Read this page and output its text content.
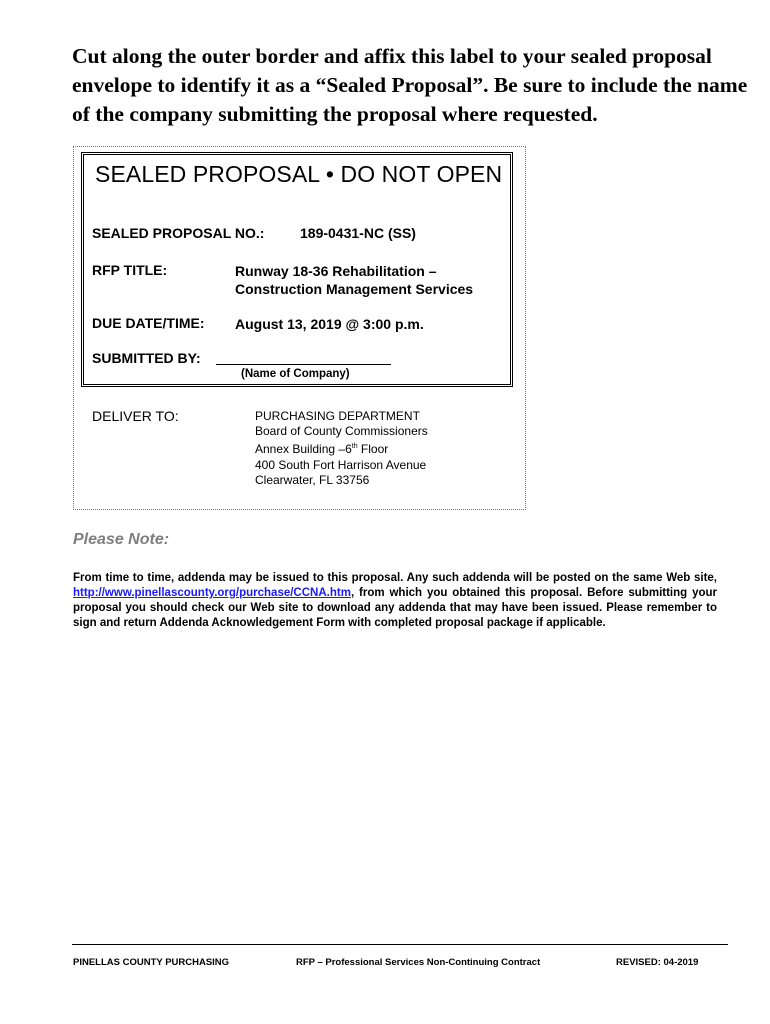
Cut along the outer border and affix this label to your sealed proposal envelope to identify it as a “Sealed Proposal”. Be sure to include the name of the company submitting the proposal where requested.
SEALED PROPOSAL • DO NOT OPEN
SEALED PROPOSAL NO.:	189-0431-NC (SS)
RFP TITLE:	Runway 18-36 Rehabilitation –
Construction Management Services
DUE DATE/TIME: August 13, 2019 @ 3:00 p.m.
SUBMITTED BY:
(Name of Company)
DELIVER TO:	PURCHASING DEPARTMENT
Board of County Commissioners
Annex Building –6th Floor
400 South Fort Harrison Avenue
Clearwater, FL 33756
Please Note:
From time to time, addenda may be issued to this proposal. Any such addenda will be posted on the same Web site, http://www.pinellascounty.org/purchase/CCNA.htm, from which you obtained this proposal. Before submitting your proposal you should check our Web site to download any addenda that may have been issued. Please remember to sign and return Addenda Acknowledgement Form with completed proposal package if applicable.
PINELLAS COUNTY PURCHASING	RFP – Professional Services Non-Continuing Contract	REVISED: 04-2019
